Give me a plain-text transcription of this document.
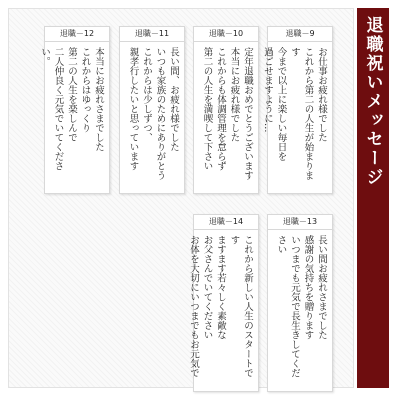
退職－12
本当にお疲れさまでした
これからはゆっくり
第二の人生を楽しんで
二人仲良く元気でいてください。
退職－11
長い間、お疲れ様でした
いつも家族のためにありがとう
これからは少しずつ、
親孝行したいと思っています
退職－10
定年退職おめでとうございます
本当にお疲れ様でした
これからも体調管理を怠らず
第二の人生を満喫して下さい
退職－9
お仕事お疲れ様でした
これから第二の人生が始まります
今まで以上に楽しい毎日を
過ごせますように…
退職－14
これから新しい人生のスタートです
ますます若々しく素敵な
お父さんでいてください
お体を大切にいつまでもお元気で
退職－13
長い間お疲れさまでした
感謝の気持ちを贈ります
いつまでも元気で長生きしてください
退職祝いメッセージ
